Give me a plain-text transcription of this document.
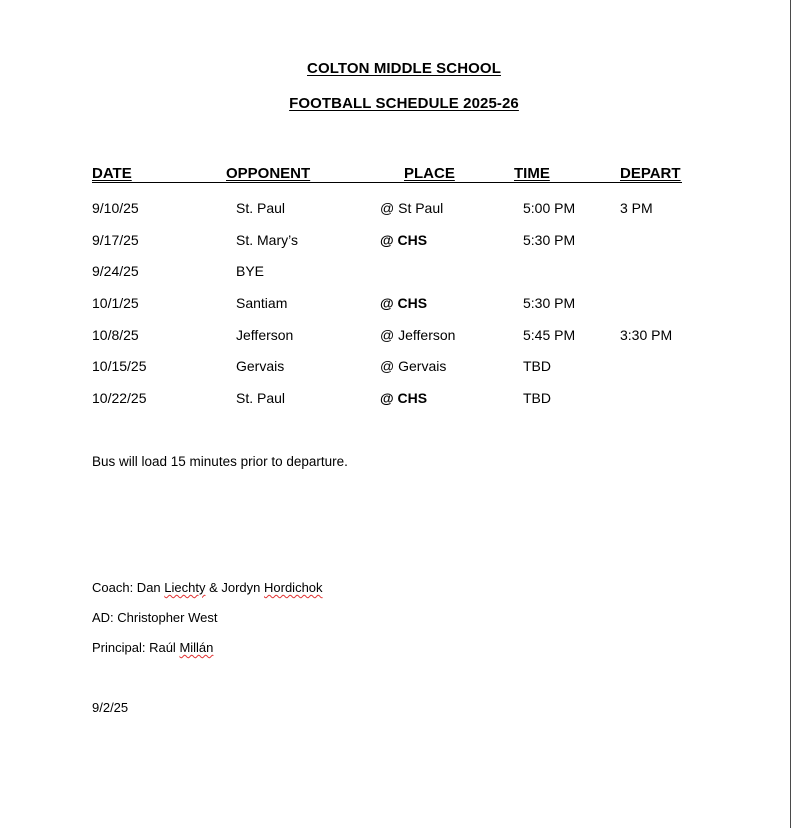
COLTON MIDDLE SCHOOL
FOOTBALL SCHEDULE 2025-26
DATE	OPPONENT	PLACE	TIME	DEPART
9/10/25	St. Paul	@ St Paul	5:00 PM	3 PM
9/17/25	St. Mary’s	@ CHS	5:30 PM
9/24/25	BYE
10/1/25	Santiam	@ CHS	5:30 PM
10/8/25	Jefferson	@ Jefferson	5:45 PM	3:30 PM
10/15/25	Gervais	@ Gervais	TBD
10/22/25	St. Paul	@ CHS	TBD
Bus will load 15 minutes prior to departure.
Coach: Dan Liechty & Jordyn Hordichok
AD: Christopher West
Principal: Raúl Millán
9/2/25
